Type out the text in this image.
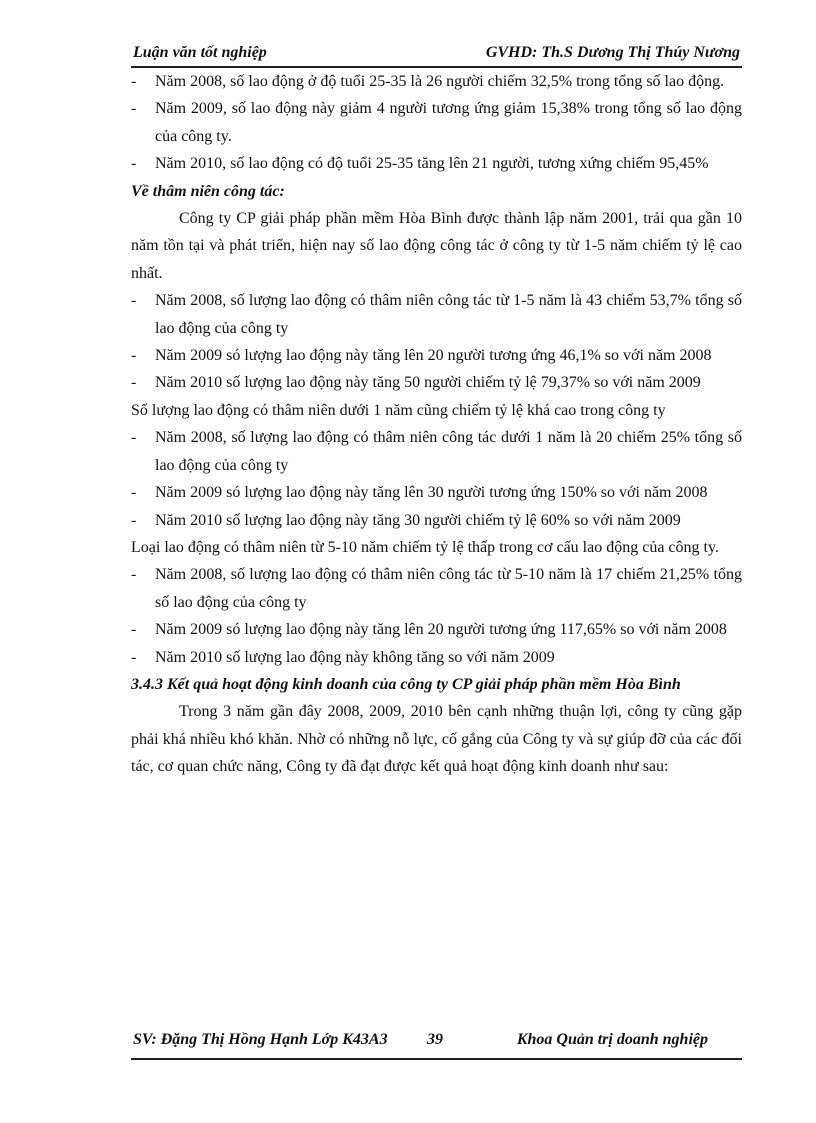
Luận văn tốt nghiệp	GVHD: Th.S Dương Thị Thúy Nương
- Năm 2008, số lao động ở độ tuổi 25-35 là 26 người chiếm 32,5% trong tổng số lao động.
- Năm 2009, số lao động này giảm 4 người tương ứng giảm 15,38% trong tổng số lao động của công ty.
- Năm 2010, số lao động có độ tuổi 25-35 tăng lên 21 người, tương xứng chiếm 95,45%

Về thâm niên công tác:

Công ty CP giải pháp phần mềm Hòa Bình được thành lập năm 2001, trải qua gần 10 năm tồn tại và phát triển, hiện nay số lao động công tác ở công ty từ 1-5 năm chiếm tỷ lệ cao nhất.

- Năm 2008, số lượng lao động có thâm niên công tác từ 1-5 năm là 43 chiếm 53,7% tổng số lao động của công ty
- Năm 2009 só lượng lao động này tăng lên 20 người tương ứng 46,1% so với năm 2008
- Năm 2010 số lượng lao động này tăng 50 người chiếm tỷ lệ 79,37% so với năm 2009

Số lượng lao động có thâm niên dưới 1 năm cũng chiếm tỷ lệ khá cao trong công ty

- Năm 2008, số lượng lao động có thâm niên công tác dưới 1 năm là 20 chiếm 25% tổng số lao động của công ty
- Năm 2009 só lượng lao động này tăng lên 30 người tương ứng 150% so với năm 2008
- Năm 2010 số lượng lao động này tăng 30 người chiếm tỷ lệ 60% so với năm 2009

Loại lao động có thâm niên từ 5-10 năm chiếm tỷ lệ thấp trong cơ cấu lao động của công ty.

- Năm 2008, số lượng lao động có thâm niên công tác từ 5-10 năm là 17 chiếm 21,25% tổng số lao động của công ty
- Năm 2009 só lượng lao động này tăng lên 20 người tương ứng 117,65% so với năm 2008
- Năm 2010 số lượng lao động này không tăng so với năm 2009

3.4.3 Kết quả hoạt động kinh doanh của công ty CP giải pháp phần mềm Hòa Bình

Trong 3 năm gần đây 2008, 2009, 2010 bên cạnh những thuận lợi, công ty cũng gặp phải khá nhiều khó khăn. Nhờ có những nỗ lực, cố gắng của Công ty và sự giúp đỡ của các đối tác, cơ quan chức năng, Công ty đã đạt được kết quả hoạt động kinh doanh như sau:

SV: Đặng Thị Hồng Hạnh Lớp K43A3 39	Khoa Quản trị doanh nghiệp
